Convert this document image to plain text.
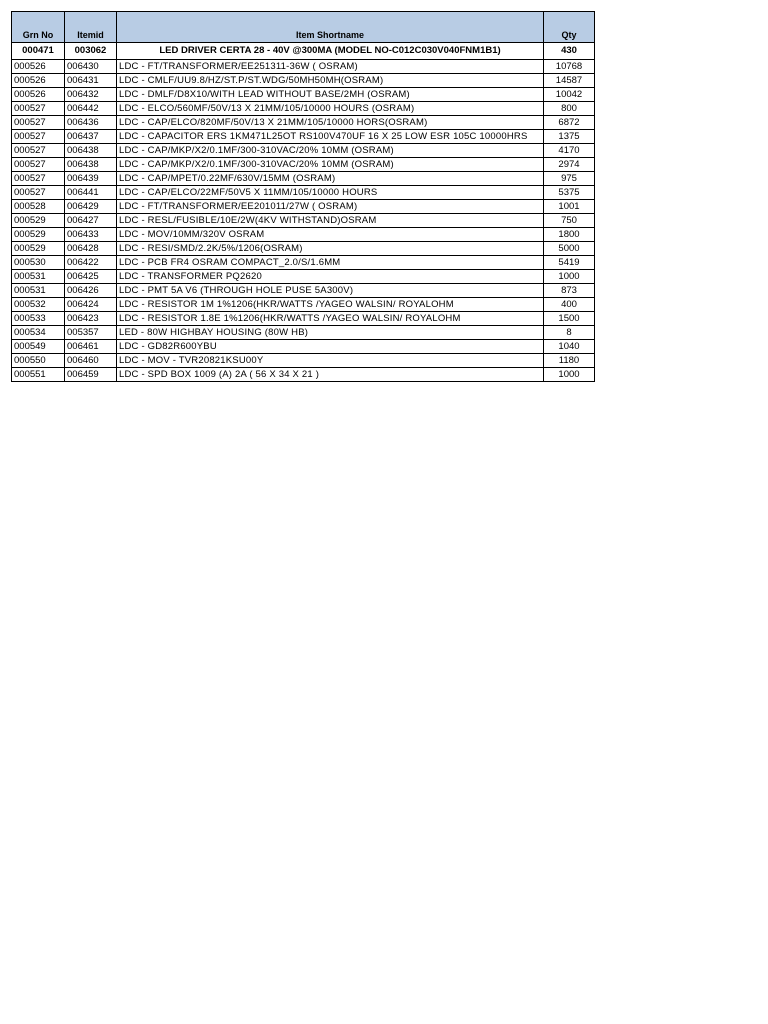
Grn No	Itemid	Item Shortname	Qty
000471	003062	LED DRIVER CERTA 28 - 40V @300MA (MODEL NO-C012C030V040FNM1B1)	430
000526	006430	LDC - FT/TRANSFORMER/EE251311-36W ( OSRAM)	10768
000526	006431	LDC - CMLF/UU9.8/HZ/ST.P/ST.WDG/50MH50MH(OSRAM)	14587
000526	006432	LDC - DMLF/D8X10/WITH LEAD WITHOUT BASE/2MH (OSRAM)	10042
000527	006442	LDC - ELCO/560MF/50V/13 X 21MM/105/10000 HOURS (OSRAM)	800
000527	006436	LDC - CAP/ELCO/820MF/50V/13 X 21MM/105/10000 HORS(OSRAM)	6872
000527	006437	LDC - CAPACITOR ERS 1KM471L25OT RS100V470UF 16 X 25 LOW ESR 105C 10000HRS	1375
000527	006438	LDC - CAP/MKP/X2/0.1MF/300-310VAC/20% 10MM (OSRAM)	4170
000527	006438	LDC - CAP/MKP/X2/0.1MF/300-310VAC/20% 10MM (OSRAM)	2974
000527	006439	LDC - CAP/MPET/0.22MF/630V/15MM (OSRAM)	975
000527	006441	LDC - CAP/ELCO/22MF/50V5 X 11MM/105/10000 HOURS	5375
000528	006429	LDC - FT/TRANSFORMER/EE201011/27W ( OSRAM)	1001
000529	006427	LDC - RESL/FUSIBLE/10E/2W(4KV WITHSTAND)OSRAM	750
000529	006433	LDC - MOV/10MM/320V OSRAM	1800
000529	006428	LDC - RESI/SMD/2.2K/5%/1206(OSRAM)	5000
000530	006422	LDC - PCB FR4 OSRAM COMPACT_2.0/S/1.6MM	5419
000531	006425	LDC - TRANSFORMER PQ2620	1000
000531	006426	LDC - PMT 5A V6 (THROUGH HOLE PUSE 5A300V)	873
000532	006424	LDC - RESISTOR 1M 1%1206(HKR/WATTS /YAGEO WALSIN/ ROYALOHM	400
000533	006423	LDC - RESISTOR 1.8E 1%1206(HKR/WATTS /YAGEO WALSIN/ ROYALOHM	1500
000534	005357	LED - 80W HIGHBAY HOUSING (80W HB)	8
000549	006461	LDC - GD82R600YBU	1040
000550	006460	LDC - MOV - TVR20821KSU00Y	1180
000551	006459	LDC - SPD BOX 1009 (A) 2A ( 56 X 34 X 21 )	1000
